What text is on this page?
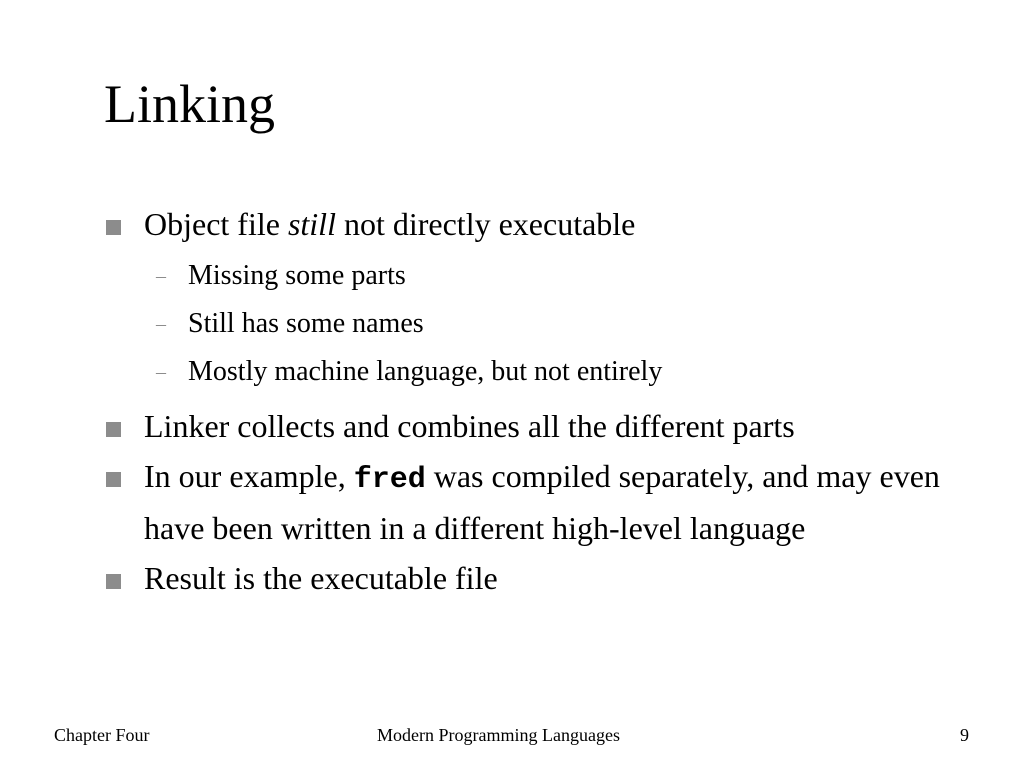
Linking
Object file still not directly executable
– Missing some parts
– Still has some names
– Mostly machine language, but not entirely
Linker collects and combines all the different parts
In our example, fred was compiled separately, and may even have been written in a different high-level language
Result is the executable file
Chapter Four	Modern Programming Languages	9
